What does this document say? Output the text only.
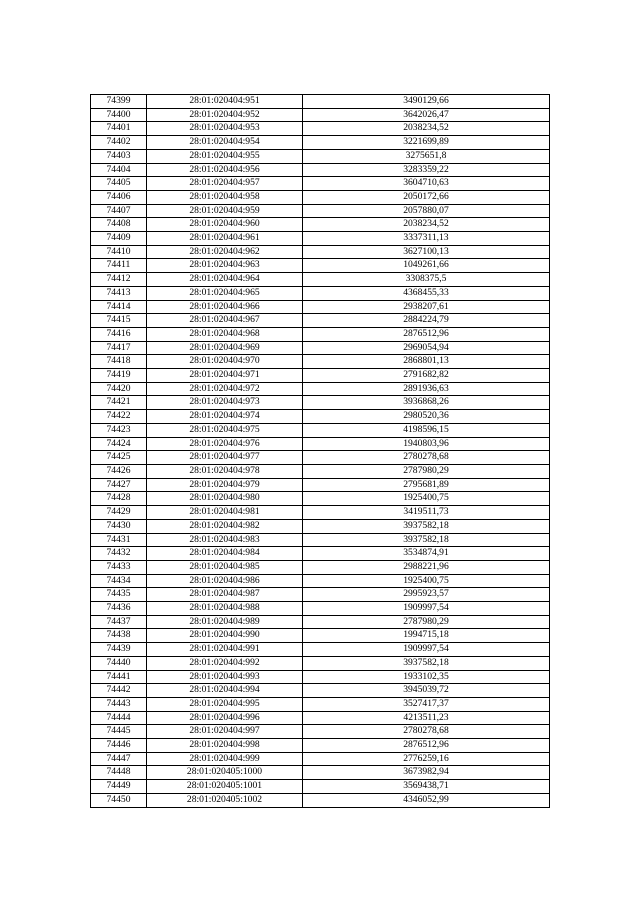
74399	28:01:020404:951	3490129,66
74400	28:01:020404:952	3642026,47
74401	28:01:020404:953	2038234,52
74402	28:01:020404:954	3221699,89
74403	28:01:020404:955	3275651,8
74404	28:01:020404:956	3283359,22
74405	28:01:020404:957	3604710,63
74406	28:01:020404:958	2050172,66
74407	28:01:020404:959	2057880,07
74408	28:01:020404:960	2038234,52
74409	28:01:020404:961	3337311,13
74410	28:01:020404:962	3627100,13
74411	28:01:020404:963	1049261,66
74412	28:01:020404:964	3308375,5
74413	28:01:020404:965	4368455,33
74414	28:01:020404:966	2938207,61
74415	28:01:020404:967	2884224,79
74416	28:01:020404:968	2876512,96
74417	28:01:020404:969	2969054,94
74418	28:01:020404:970	2868801,13
74419	28:01:020404:971	2791682,82
74420	28:01:020404:972	2891936,63
74421	28:01:020404:973	3936868,26
74422	28:01:020404:974	2980520,36
74423	28:01:020404:975	4198596,15
74424	28:01:020404:976	1940803,96
74425	28:01:020404:977	2780278,68
74426	28:01:020404:978	2787980,29
74427	28:01:020404:979	2795681,89
74428	28:01:020404:980	1925400,75
74429	28:01:020404:981	3419511,73
74430	28:01:020404:982	3937582,18
74431	28:01:020404:983	3937582,18
74432	28:01:020404:984	3534874,91
74433	28:01:020404:985	2988221,96
74434	28:01:020404:986	1925400,75
74435	28:01:020404:987	2995923,57
74436	28:01:020404:988	1909997,54
74437	28:01:020404:989	2787980,29
74438	28:01:020404:990	1994715,18
74439	28:01:020404:991	1909997,54
74440	28:01:020404:992	3937582,18
74441	28:01:020404:993	1933102,35
74442	28:01:020404:994	3945039,72
74443	28:01:020404:995	3527417,37
74444	28:01:020404:996	4213511,23
74445	28:01:020404:997	2780278,68
74446	28:01:020404:998	2876512,96
74447	28:01:020404:999	2776259,16
74448	28:01:020405:1000	3673982,94
74449	28:01:020405:1001	3569438,71
74450	28:01:020405:1002	4346052,99
